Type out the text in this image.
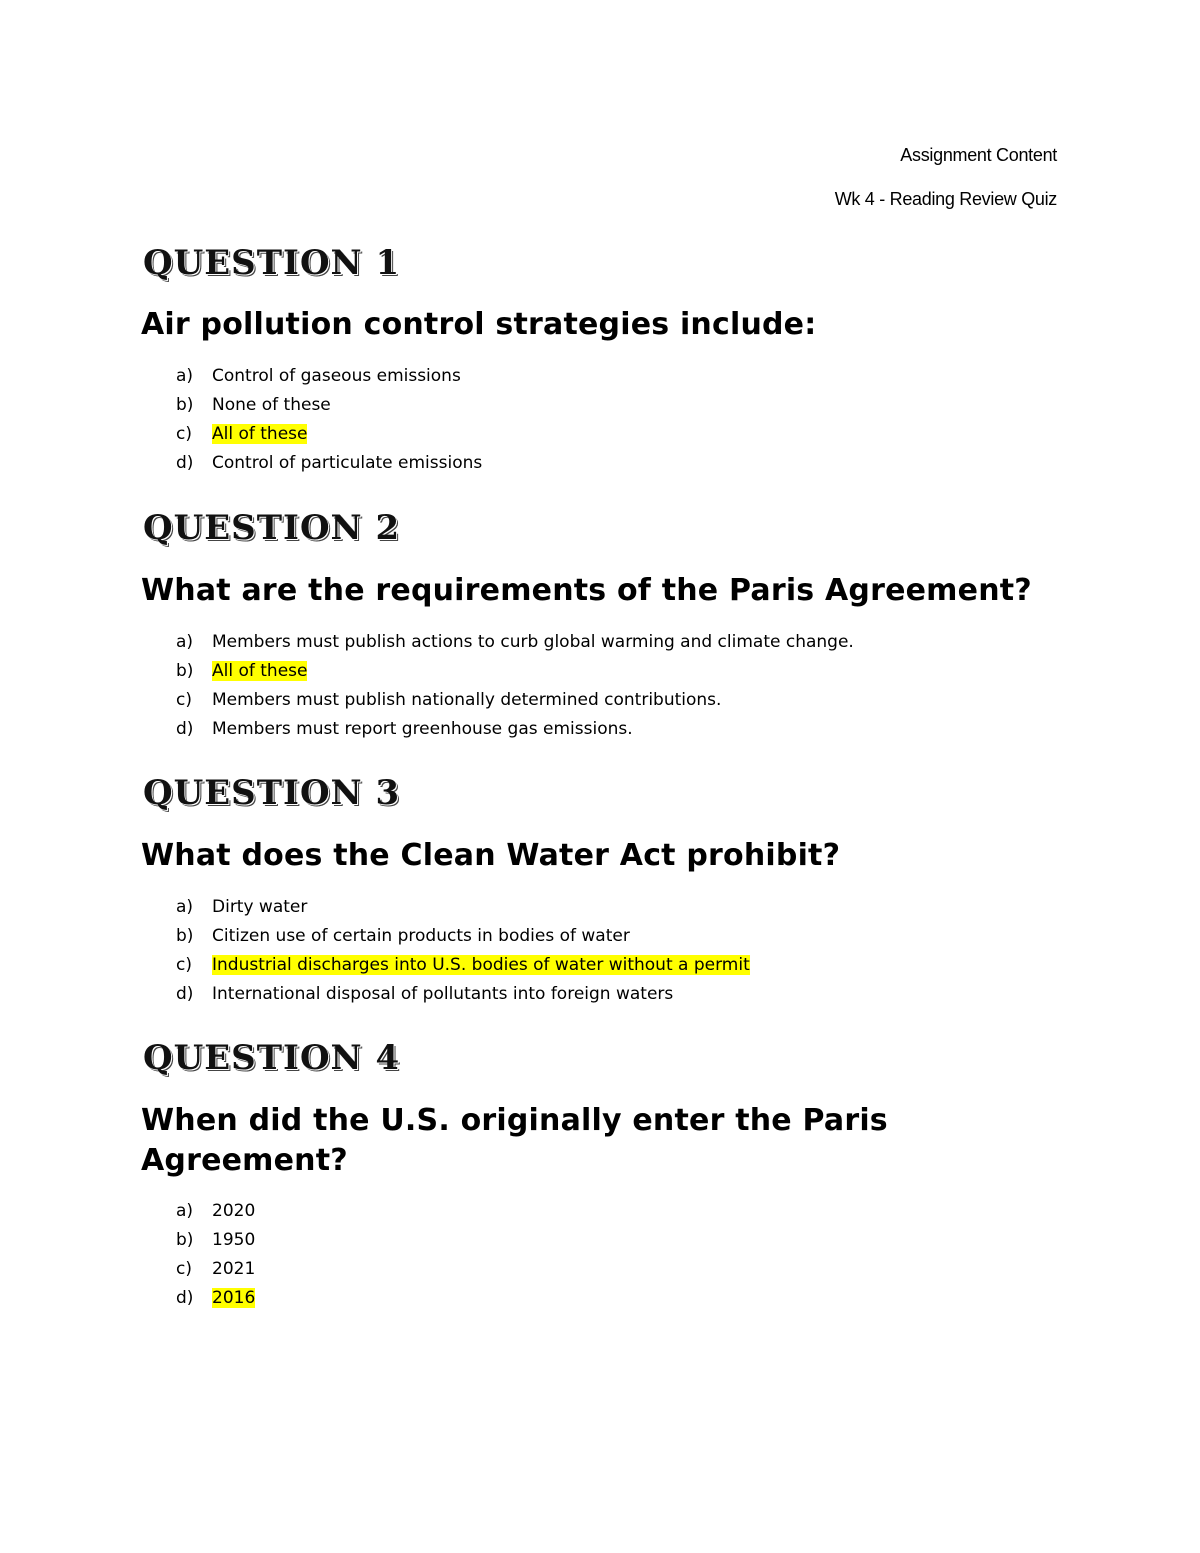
Assignment Content
Wk 4 - Reading Review Quiz
QUESTION 1
Air pollution control strategies include:
a) Control of gaseous emissions
b) None of these
c) All of these
d) Control of particulate emissions
QUESTION 2
What are the requirements of the Paris Agreement?
a) Members must publish actions to curb global warming and climate change.
b) All of these
c) Members must publish nationally determined contributions.
d) Members must report greenhouse gas emissions.
QUESTION 3
What does the Clean Water Act prohibit?
a) Dirty water
b) Citizen use of certain products in bodies of water
c) Industrial discharges into U.S. bodies of water without a permit
d) International disposal of pollutants into foreign waters
QUESTION 4
When did the U.S. originally enter the Paris Agreement?
a) 2020
b) 1950
c) 2021
d) 2016
